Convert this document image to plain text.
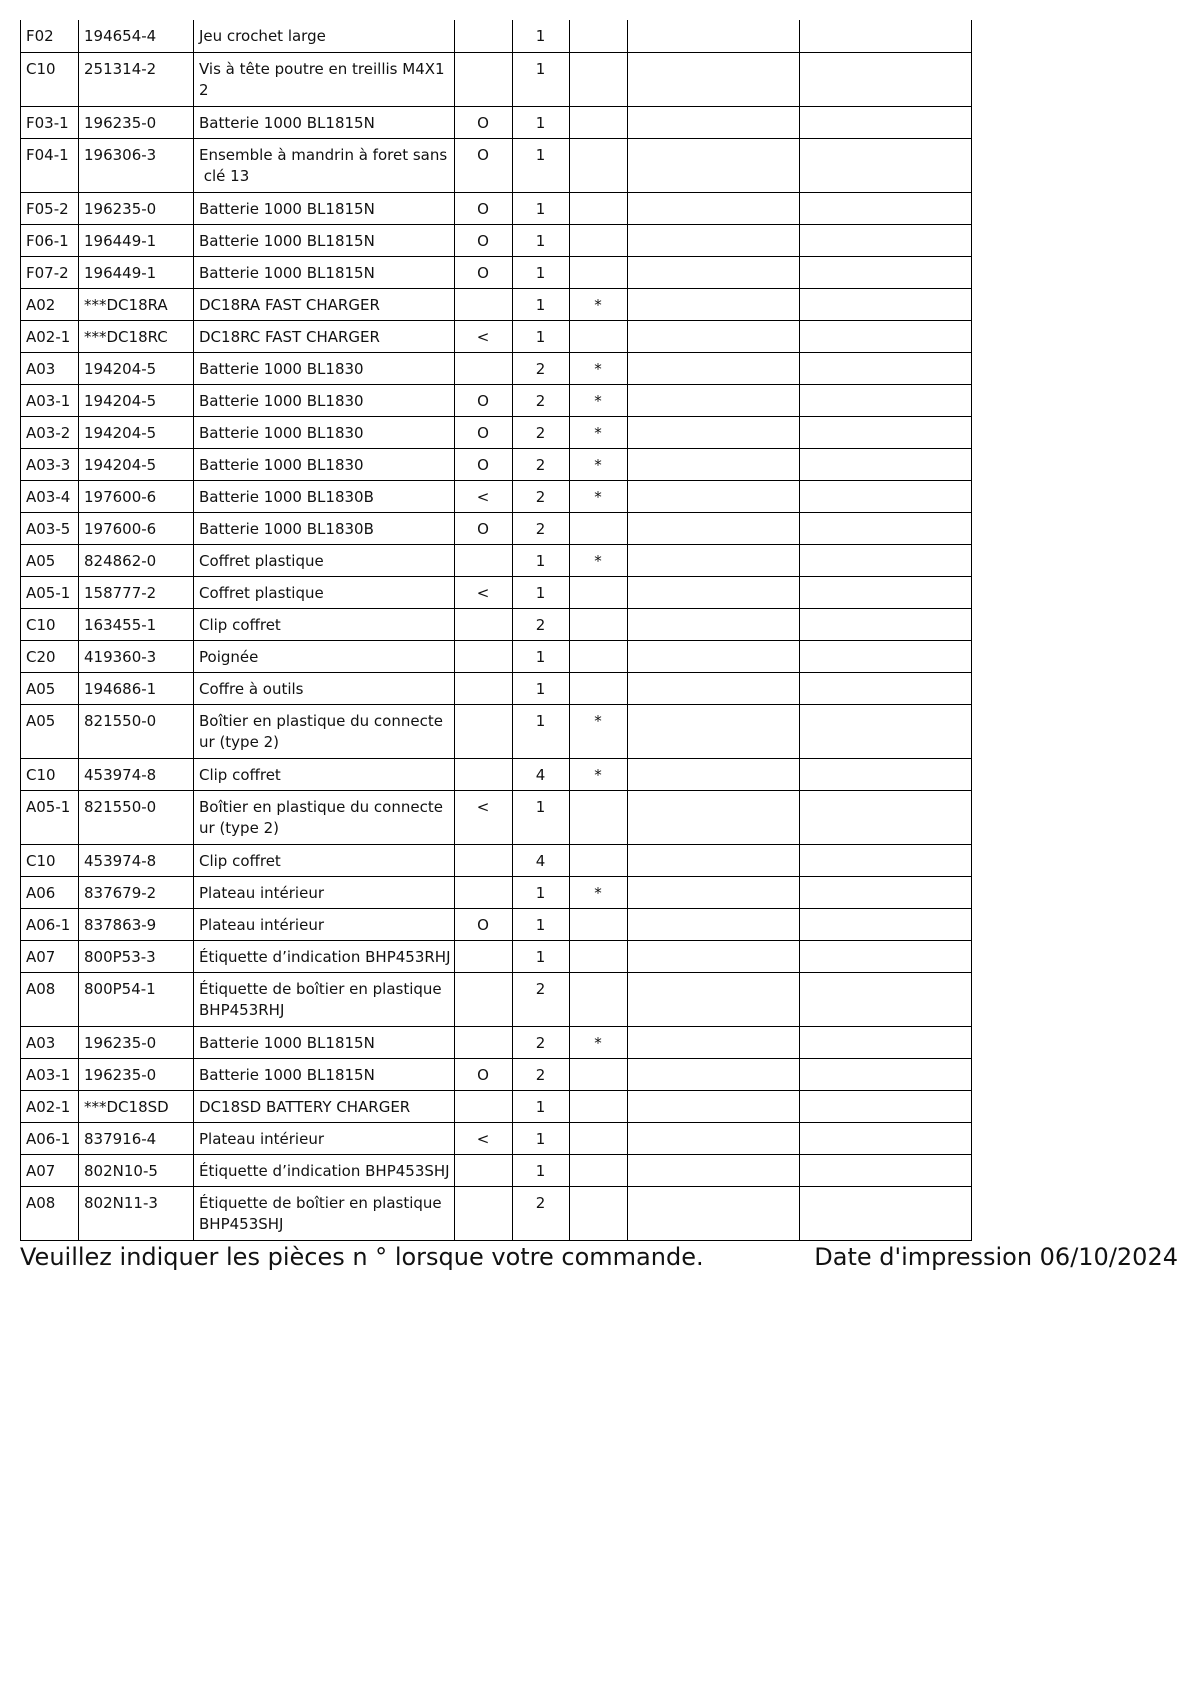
F02	194654-4	Jeu crochet large		1			
C10	251314-2	Vis à tête poutre en treillis M4X1
2		1			
F03-1	196235-0	Batterie 1000 BL1815N	O	1			
F04-1	196306-3	Ensemble à mandrin à foret sans
clé 13	O	1			
F05-2	196235-0	Batterie 1000 BL1815N	O	1			
F06-1	196449-1	Batterie 1000 BL1815N	O	1			
F07-2	196449-1	Batterie 1000 BL1815N	O	1			
A02	***DC18RA	DC18RA FAST CHARGER		1	*		
A02-1	***DC18RC	DC18RC FAST CHARGER	<	1			
A03	194204-5	Batterie 1000 BL1830		2	*		
A03-1	194204-5	Batterie 1000 BL1830	O	2	*		
A03-2	194204-5	Batterie 1000 BL1830	O	2	*		
A03-3	194204-5	Batterie 1000 BL1830	O	2	*		
A03-4	197600-6	Batterie 1000 BL1830B	<	2	*		
A03-5	197600-6	Batterie 1000 BL1830B	O	2			
A05	824862-0	Coffret plastique		1	*		
A05-1	158777-2	Coffret plastique	<	1			
C10	163455-1	Clip coffret		2			
C20	419360-3	Poignée		1			
A05	194686-1	Coffre à outils		1			
A05	821550-0	Boîtier en plastique du connecte
ur (type 2)		1	*		
C10	453974-8	Clip coffret		4	*		
A05-1	821550-0	Boîtier en plastique du connecte
ur (type 2)	<	1			
C10	453974-8	Clip coffret		4			
A06	837679-2	Plateau intérieur		1	*		
A06-1	837863-9	Plateau intérieur	O	1			
A07	800P53-3	Étiquette d’indication BHP453RHJ		1			
A08	800P54-1	Étiquette de boîtier en plastique
BHP453RHJ		2			
A03	196235-0	Batterie 1000 BL1815N		2	*		
A03-1	196235-0	Batterie 1000 BL1815N	O	2			
A02-1	***DC18SD	DC18SD BATTERY CHARGER		1			
A06-1	837916-4	Plateau intérieur	<	1			
A07	802N10-5	Étiquette d’indication BHP453SHJ		1			
A08	802N11-3	Étiquette de boîtier en plastique
BHP453SHJ		2			
Veuillez indiquer les pièces n ° lorsque votre commande.	Date d'impression 06/10/2024
